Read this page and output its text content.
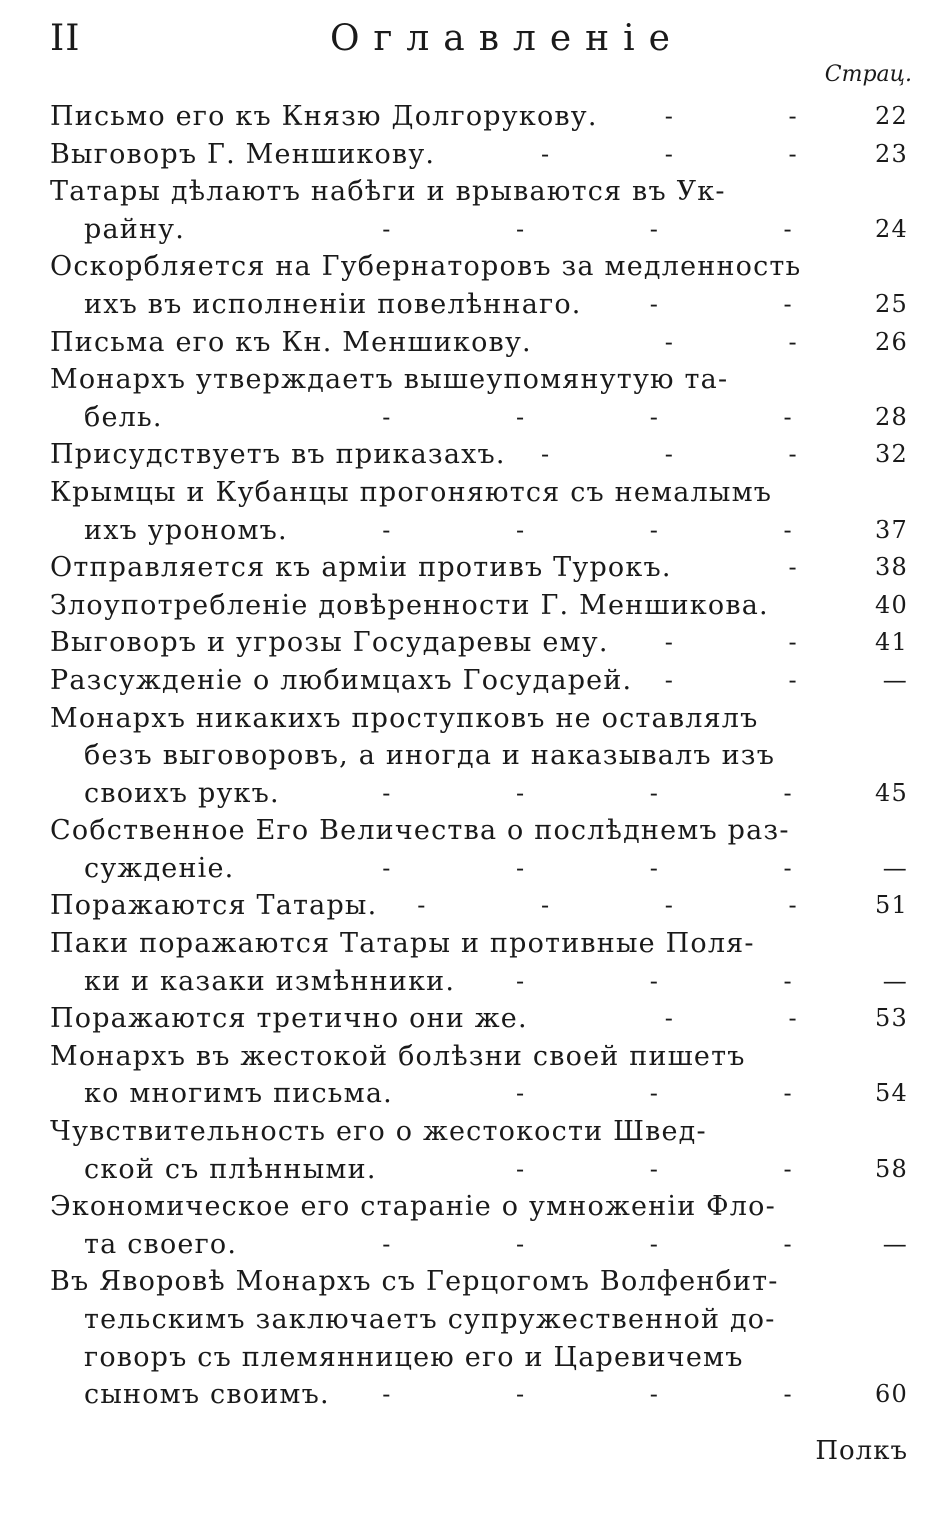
II	Оглавленiе
Страц.
Письмо его къ Князю Долгорукову.	-	-	22
Выговоръ Г. Меншикову.	-	-	-	23
Татары дѣлаютъ набѣги и врываются въ Ук-
райну.	-	-	-	-	24
Оскорбляется на Губернаторовъ за медленность
ихъ въ исполненiи повелѣннаго.	-	-	25
Письма его къ Кн. Меншикову.	-	-	26
Монархъ утверждаетъ вышеупомянутую та-
бель.	-	-	-	-	28
Присудствуетъ въ приказахъ. -	-	-	32
Крымцы и Кубанцы прогоняются съ немалымъ
ихъ урономъ.	-	-	-	-	37
Отправляется къ армiи противъ Турокъ.	-	38
Злоупотребленiе довѣренности Г. Меншикова.	40
Выговоръ и угрозы Государевы ему. -	-	41
Разсужденiе о любимцахъ Государей. -	-	—
Монархъ никакихъ проступковъ не оставлялъ
безъ выговоровъ, а иногда и наказывалъ изъ
своихъ рукъ.	-	-	-	-	45
Собственное Его Величества о послѣднемъ раз-
сужденiе.	-	-	-	-	—
Поражаются Татары. -	-	-	-	51
Паки поражаются Татары и противные Поля-
ки и казаки измѣнники.	-	-	-	—
Поражаются третично они же.	-	-	53
Монархъ въ жестокой болѣзни своей пишетъ
ко многимъ письма.	-	-	-	54
Чувствительность его о жестокости Швед-
ской съ плѣнными.	-	-	-	58
Экономическое его старанiе о умноженiи Фло-
та своего.	-	-	-	-	—
Въ Яворовѣ Монархъ съ Герцогомъ Волфенбит-
тельскимъ заключаетъ супружественной до-
говоръ съ племянницею его и Царевичемъ
сыномъ своимъ. -	-	-	-	60
Полкъ
